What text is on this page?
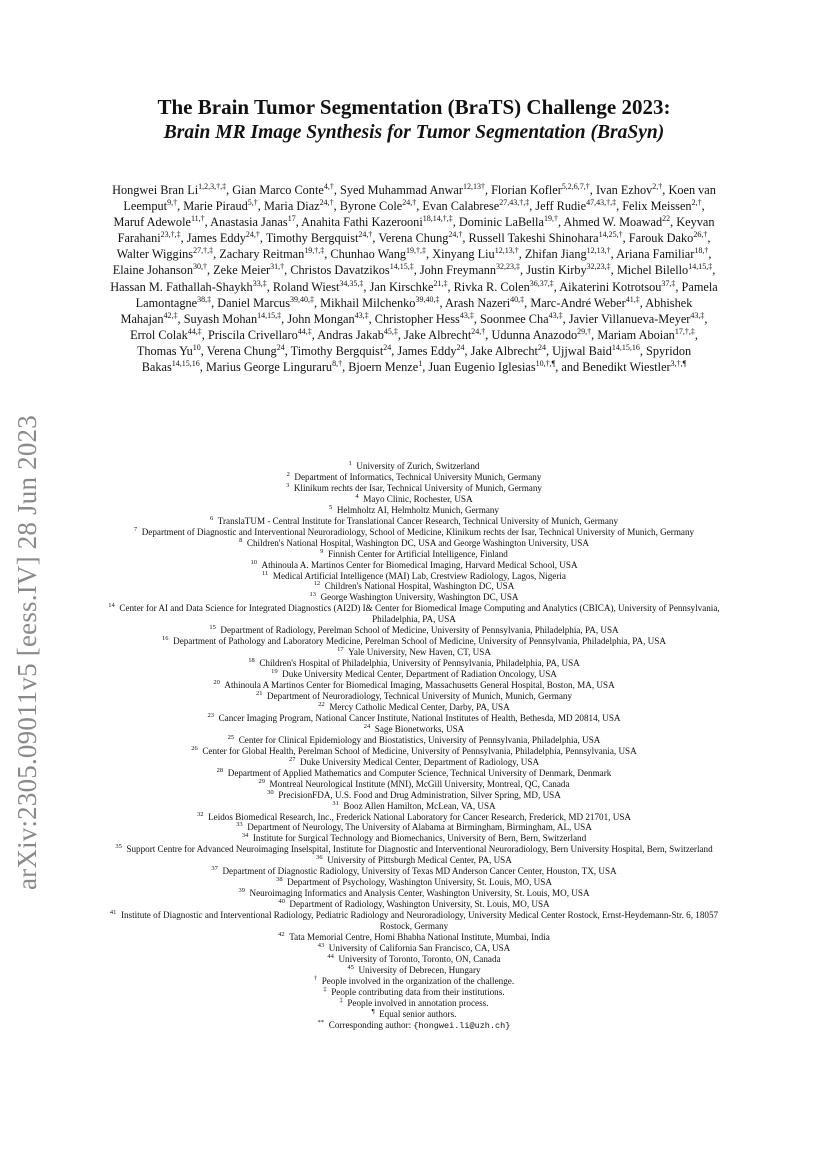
arXiv:2305.09011v5 [eess.IV] 28 Jun 2023
The Brain Tumor Segmentation (BraTS) Challenge 2023:
Brain MR Image Synthesis for Tumor Segmentation (BraSyn)
Hongwei Bran $Li^{1,2,3,\dagger,\ddagger}$, Gian Marco Conte$^{4,\dagger}$, Syed Muhammad Anwar$^{12,13\dagger}$, Florian Kofler$^{5,2,6,7,\dagger}$, Ivan Ezhov$^{2,\dagger}$, Koen van Leemput$^{9,\dagger}$, Marie Piraud$^{5,\dagger}$, Maria Diaz$^{24,\dagger}$, Byrone Cole$^{24,\dagger}$, Evan Calabrese$^{27,43,\dagger,\ddagger}$, Jeff Rudie$^{47,43,\dagger,\ddagger}$, Felix Meissen$^{2,\dagger}$, Maruf Adewole$^{11,\dagger}$, Anastasia Janas$^{17}$, Anahita Fathi Kazerooni$^{18,14,\dagger,\ddagger}$, Dominic LaBella$^{19,\dagger}$, Ahmed W. Moawad$^{22}$, Keyvan Farahani$^{23,\dagger,\ddagger}$, James Eddy$^{24,\dagger}$, Timothy Bergquist$^{24,\dagger}$, Verena Chung$^{24,\dagger}$, Russell Takeshi Shinohara$^{14,25,\dagger}$, Farouk Dako$^{26,\dagger}$, Walter Wiggins$^{27,\dagger,\ddagger}$, Zachary Reitman$^{19,\dagger,\ddagger}$, Chunhao Wang$^{19,\dagger,\ddagger}$, Xinyang Liu$^{12,13,\dagger}$, Zhifan Jiang$^{12,13,\dagger}$, Ariana Familiar$^{18,\dagger}$, Elaine Johanson$^{30,\dagger}$, Zeke Meier$^{31,\dagger}$, Christos Davatzikos$^{14,15,\ddagger}$, John Freymann$^{32,23,\ddagger}$, Justin Kirby$^{32,23,\ddagger}$, Michel Bilello$^{14,15,\ddagger}$, Hassan M. Fathallah-Shaykh$^{33,\ddagger}$, Roland Wiest$^{34,35,\ddagger}$, Jan Kirschke$^{21,\ddagger}$, Rivka R. Colen$^{36,37,\ddagger}$, Aikaterini Kotrotsou$^{37,\ddagger}$, Pamela Lamontagne$^{38,\ddagger}$, Daniel Marcus$^{39,40,\ddagger}$, Mikhail Milchenko$^{39,40,\ddagger}$, Arash Nazeri$^{40,\ddagger}$, Marc-André Weber$^{41,\ddagger}$, Abhishek Mahajan$^{42,\ddagger}$, Suyash Mohan$^{14,15,\ddagger}$, John Mongan$^{43,\ddagger}$, Christopher Hess$^{43,\ddagger}$, Soonmee Cha$^{43,\ddagger}$, Javier Villanueva-Meyer$^{43,\ddagger}$, Errol Colak$^{44,\ddagger}$, Priscila Crivellaro$^{44,\ddagger}$, Andras Jakab$^{45,\ddagger}$, Jake Albrecht$^{24,\dagger}$, Udunna Anazodo$^{29,\dagger}$, Mariam Aboian$^{17,\dagger,\ddagger}$, Thomas Yu$^{10}$, Verena Chung$^{24}$, Timothy Bergquist$^{24}$, James Eddy$^{24}$, Jake Albrecht$^{24}$, Ujjwal Baid$^{14,15,16}$, Spyridon Bakas$^{14,15,16}$, Marius George Linguraru$^{8,\dagger}$, Bjoern Menze$^1$, Juan Eugenio Iglesias$^{10,\dagger,\P}$, and Benedikt Wiestler$^{3,\dagger,\P}$
$^1$  University of Zurich, Switzerland
$^2$  Department of Informatics, Technical University Munich, Germany
$^3$  Klinikum rechts der Isar, Technical University of Munich, Germany
$^4$  Mayo Clinic, Rochester, USA
$^5$  Helmholtz AI, Helmholtz Munich, Germany
$^6$  TranslaTUM - Central Institute for Translational Cancer Research, Technical University of Munich, Germany
$^7$  Department of Diagnostic and Interventional Neuroradiology, School of Medicine, Klinikum rechts der Isar, Technical University of Munich, Germany
$^8$  Children's National Hospital, Washington DC, USA and George Washington University, USA
$^9$  Finnish Center for Artificial Intelligence, Finland
$^{10}$  Athinoula A. Martinos Center for Biomedical Imaging, Harvard Medical School, USA
$^{11}$  Medical Artificial Intelligence (MAI) Lab, Crestview Radiology, Lagos, Nigeria
$^{12}$  Children's National Hospital, Washington DC, USA
$^{13}$  George Washington University, Washington DC, USA
$^{14}$  Center for AI and Data Science for Integrated Diagnostics (AI2D) I& Center for Biomedical Image Computing and Analytics (CBICA), University of Pennsylvania, Philadelphia, PA, USA
$^{15}$  Department of Radiology, Perelman School of Medicine, University of Pennsylvania, Philadelphia, PA, USA
$^{16}$  Department of Pathology and Laboratory Medicine, Perelman School of Medicine, University of Pennsylvania, Philadelphia, PA, USA
$^{17}$  Yale University, New Haven, CT, USA
$^{18}$  Children's Hospital of Philadelphia, University of Pennsylvania, Philadelphia, PA, USA
$^{19}$  Duke University Medical Center, Department of Radiation Oncology, USA
$^{20}$  Athinoula A Martinos Center for Biomedical Imaging, Massachusetts General Hospital, Boston, MA, USA
$^{21}$  Department of Neuroradiology, Technical University of Munich, Munich, Germany
$^{22}$  Mercy Catholic Medical Center, Darby, PA, USA
$^{23}$  Cancer Imaging Program, National Cancer Institute, National Institutes of Health, Bethesda, MD 20814, USA
$^{24}$  Sage Bionetworks, USA
$^{25}$  Center for Clinical Epidemiology and Biostatistics, University of Pennsylvania, Philadelphia, USA
$^{26}$  Center for Global Health, Perelman School of Medicine, University of Pennsylvania, Philadelphia, Pennsylvania, USA
$^{27}$  Duke University Medical Center, Department of Radiology, USA
$^{28}$  Department of Applied Mathematics and Computer Science, Technical University of Denmark, Denmark
$^{29}$  Montreal Neurological Institute (MNI), McGill University, Montreal, QC, Canada
$^{30}$  PrecisionFDA, U.S. Food and Drug Administration, Silver Spring, MD, USA
$^{31}$  Booz Allen Hamilton, McLean, VA, USA
$^{32}$  Leidos Biomedical Research, Inc., Frederick National Laboratory for Cancer Research, Frederick, MD 21701, USA
$^{33}$  Department of Neurology, The University of Alabama at Birmingham, Birmingham, AL, USA
$^{34}$  Institute for Surgical Technology and Biomechanics, University of Bern, Bern, Switzerland
$^{35}$  Support Centre for Advanced Neuroimaging Inselspital, Institute for Diagnostic and Interventional Neuroradiology, Bern University Hospital, Bern, Switzerland
$^{36}$  University of Pittsburgh Medical Center, PA, USA
$^{37}$  Department of Diagnostic Radiology, University of Texas MD Anderson Cancer Center, Houston, TX, USA
$^{38}$  Department of Psychology, Washington University, St. Louis, MO, USA
$^{39}$  Neuroimaging Informatics and Analysis Center, Washington University, St. Louis, MO, USA
$^{40}$  Department of Radiology, Washington University, St. Louis, MO, USA
$^{41}$  Institute of Diagnostic and Interventional Radiology, Pediatric Radiology and Neuroradiology, University Medical Center Rostock, Ernst-Heydemann-Str. 6, 18057 Rostock, Germany
$^{42}$  Tata Memorial Centre, Homi Bhabha National Institute, Mumbai, India
$^{43}$  University of California San Francisco, CA, USA
$^{44}$  University of Toronto, Toronto, ON, Canada
$^{45}$  University of Debrecen, Hungary
†  People involved in the organization of the challenge.
‡  People contributing data from their institutions.
‡  People involved in annotation process.
¶  Equal senior authors.
**  Corresponding author: {hongwei.li@uzh.ch}
